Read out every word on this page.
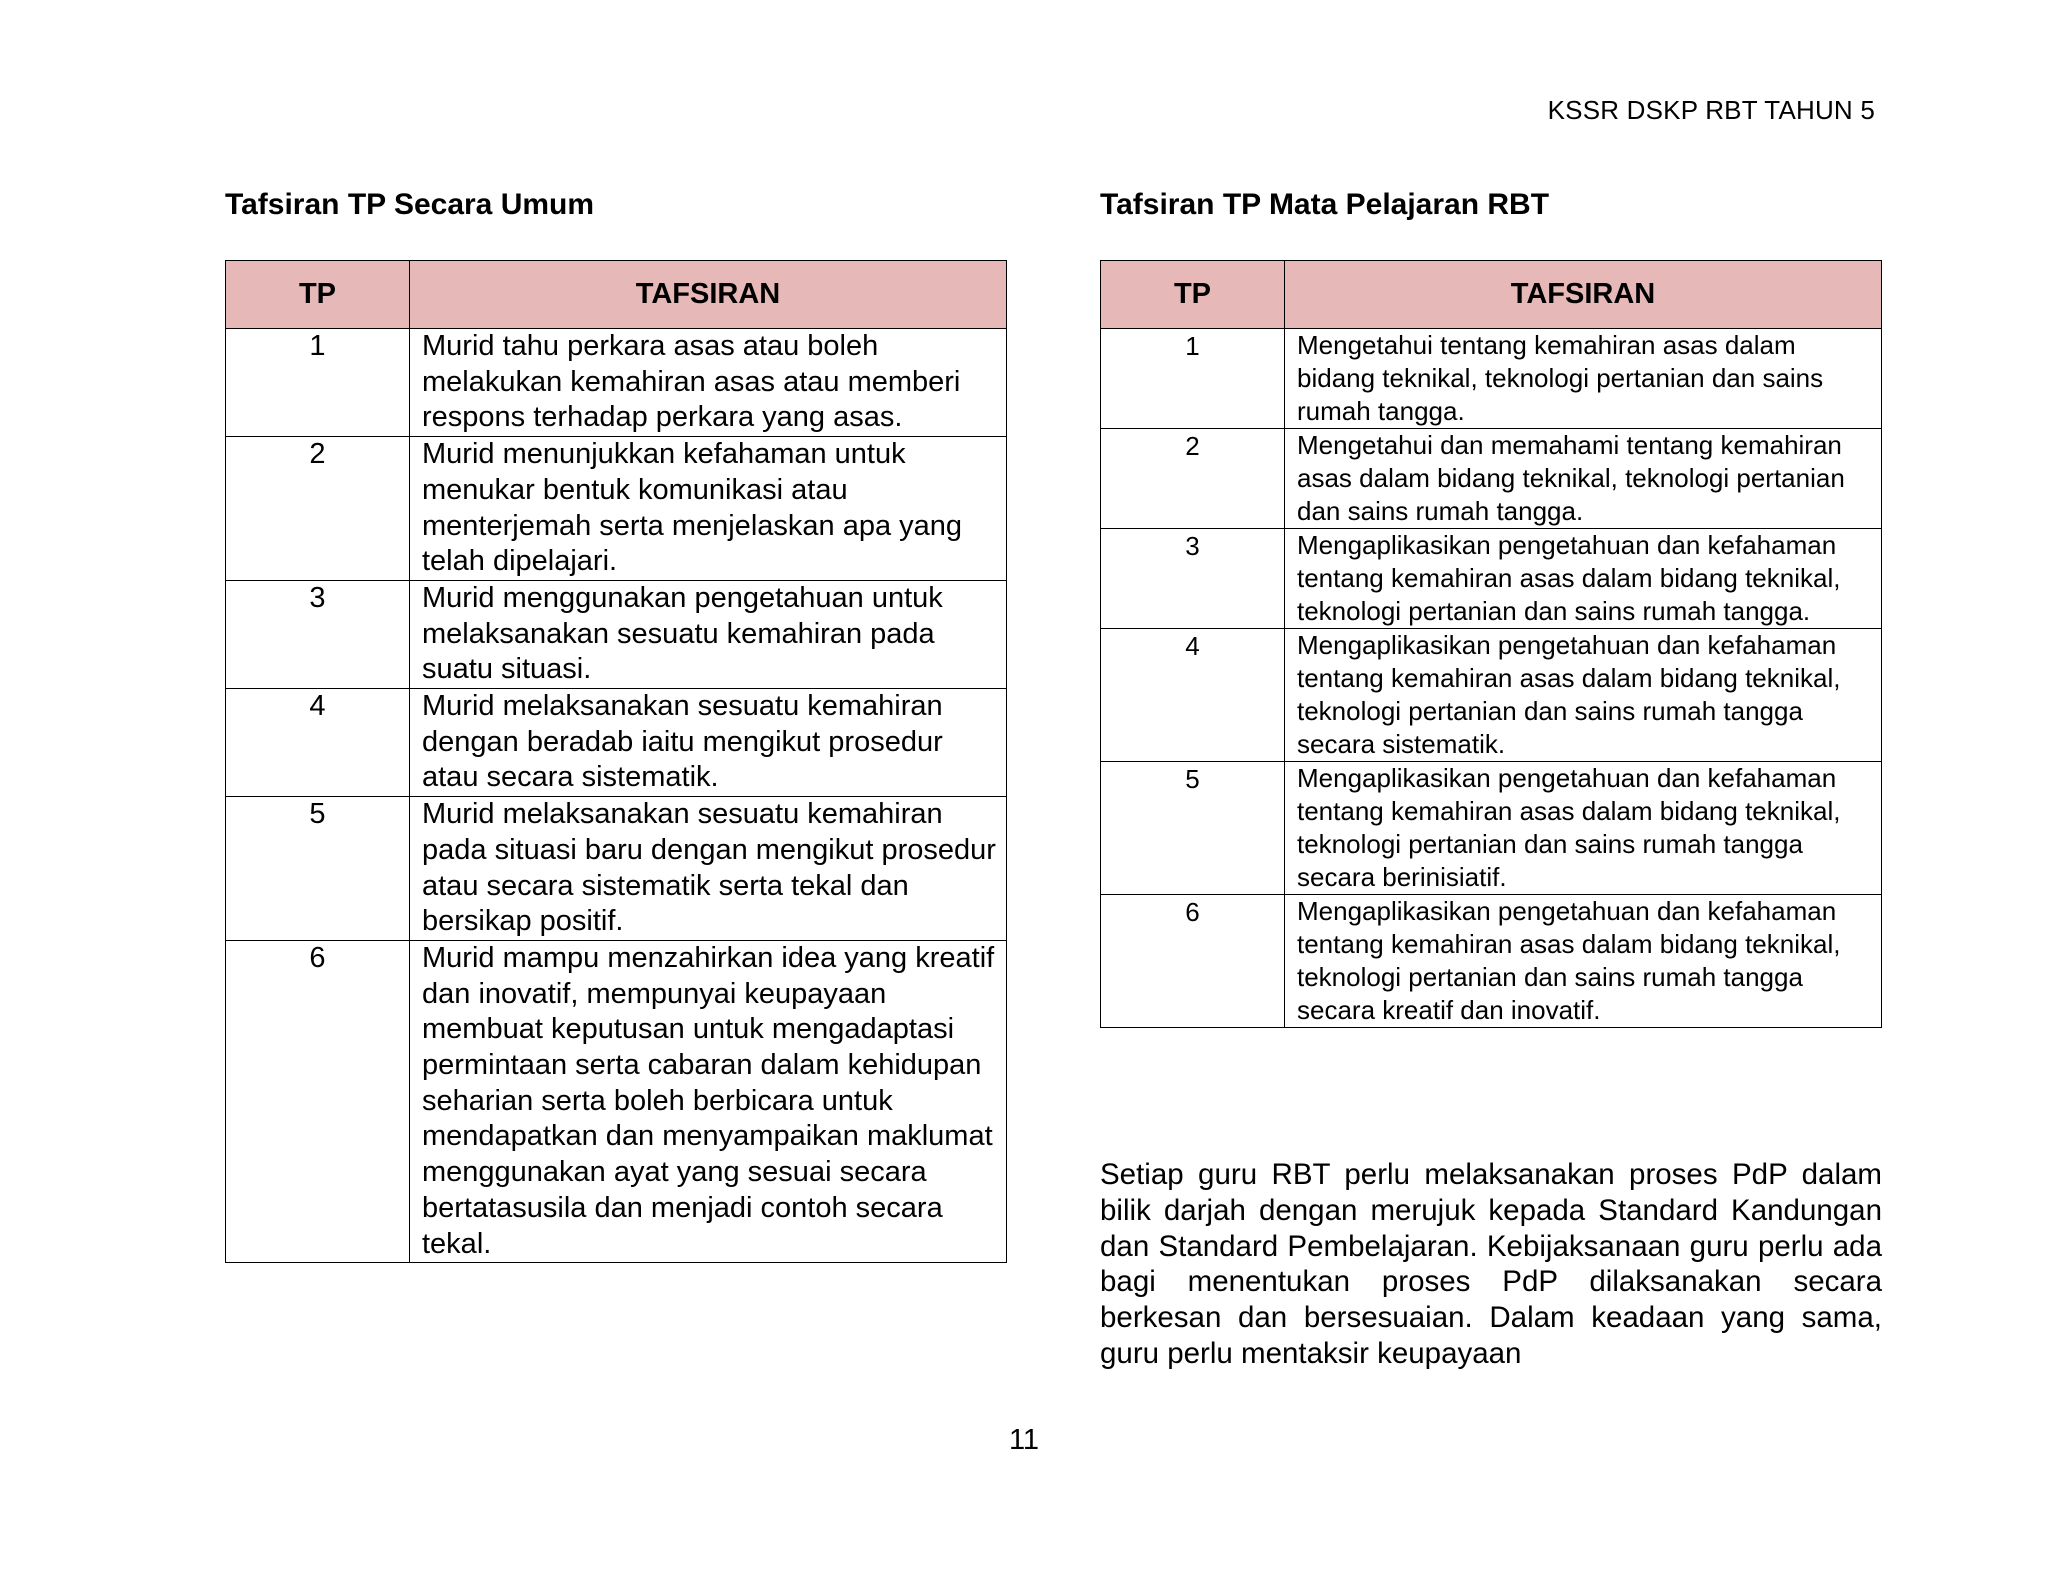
KSSR DSKP RBT TAHUN 5
Tafsiran TP Secara Umum
TP	TAFSIRAN
1	Murid tahu perkara asas atau boleh melakukan kemahiran asas atau memberi respons terhadap perkara yang asas.
2	Murid menunjukkan kefahaman untuk menukar bentuk komunikasi atau menterjemah serta menjelaskan apa yang telah dipelajari.
3	Murid menggunakan pengetahuan untuk melaksanakan sesuatu kemahiran pada suatu situasi.
4	Murid melaksanakan sesuatu kemahiran dengan beradab iaitu mengikut prosedur atau secara sistematik.
5	Murid melaksanakan sesuatu kemahiran pada situasi baru dengan mengikut prosedur atau secara sistematik serta tekal dan bersikap positif.
6	Murid mampu menzahirkan idea yang kreatif dan inovatif, mempunyai keupayaan membuat keputusan untuk mengadaptasi permintaan serta cabaran dalam kehidupan seharian serta boleh berbicara untuk mendapatkan dan menyampaikan maklumat menggunakan ayat yang sesuai secara bertatasusila dan menjadi contoh secara tekal.
Tafsiran TP Mata Pelajaran RBT
TP	TAFSIRAN
1	Mengetahui tentang kemahiran asas dalam bidang teknikal, teknologi pertanian dan sains rumah tangga.
2	Mengetahui dan memahami tentang kemahiran asas dalam bidang teknikal, teknologi pertanian dan sains rumah tangga.
3	Mengaplikasikan pengetahuan dan kefahaman tentang kemahiran asas dalam bidang teknikal, teknologi pertanian dan sains rumah tangga.
4	Mengaplikasikan pengetahuan dan kefahaman tentang kemahiran asas dalam bidang teknikal, teknologi pertanian dan sains rumah tangga secara sistematik.
5	Mengaplikasikan pengetahuan dan kefahaman tentang kemahiran asas dalam bidang teknikal, teknologi pertanian dan sains rumah tangga secara berinisiatif.
6	Mengaplikasikan pengetahuan dan kefahaman tentang kemahiran asas dalam bidang teknikal, teknologi pertanian dan sains rumah tangga secara kreatif dan inovatif.
Setiap guru RBT perlu melaksanakan proses PdP dalam bilik darjah dengan merujuk kepada Standard Kandungan dan Standard Pembelajaran. Kebijaksanaan guru perlu ada bagi menentukan proses PdP dilaksanakan secara berkesan dan bersesuaian. Dalam keadaan yang sama, guru perlu mentaksir keupayaan
11
